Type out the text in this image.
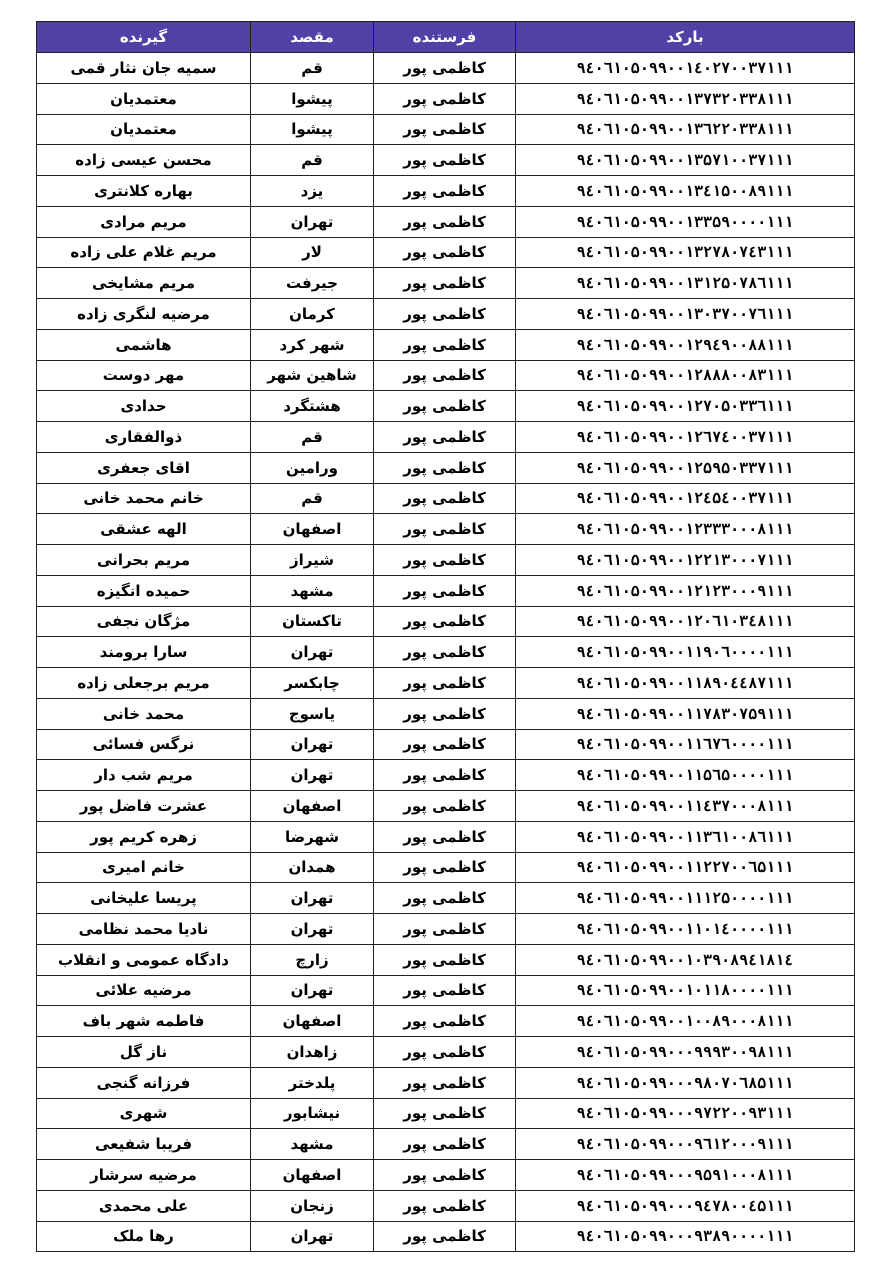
بارکد	فرستنده	مقصد	گیرنده
۹٤۰٦۱۰۵۰۹۹۰۰۱٤۰۲۷۰۰۳۷۱۱۱	کاظمی پور	قم	سمیه جان نثار قمی
۹٤۰٦۱۰۵۰۹۹۰۰۱۳۷۳۲۰۳۳۸۱۱۱	کاظمی پور	پیشوا	معتمدیان
۹٤۰٦۱۰۵۰۹۹۰۰۱۳٦۲۲۰۳۳۸۱۱۱	کاظمی پور	پیشوا	معتمدیان
۹٤۰٦۱۰۵۰۹۹۰۰۱۳۵۷۱۰۰۳۷۱۱۱	کاظمی پور	قم	محسن عیسی زاده
۹٤۰٦۱۰۵۰۹۹۰۰۱۳٤۱۵۰۰۸۹۱۱۱	کاظمی پور	یزد	بهاره کلانتری
۹٤۰٦۱۰۵۰۹۹۰۰۱۳۳۵۹۰۰۰۰۱۱۱	کاظمی پور	تهران	مریم مرادی
۹٤۰٦۱۰۵۰۹۹۰۰۱۳۲۷۸۰۷٤۳۱۱۱	کاظمی پور	لار	مریم غلام علی زاده
۹٤۰٦۱۰۵۰۹۹۰۰۱۳۱۲۵۰۷۸٦۱۱۱	کاظمی پور	جیرفت	مریم مشایخی
۹٤۰٦۱۰۵۰۹۹۰۰۱۳۰۳۷۰۰۷٦۱۱۱	کاظمی پور	کرمان	مرضیه لنگری زاده
۹٤۰٦۱۰۵۰۹۹۰۰۱۲۹٤۹۰۰۸۸۱۱۱	کاظمی پور	شهر کرد	هاشمی
۹٤۰٦۱۰۵۰۹۹۰۰۱۲۸۸۸۰۰۸۳۱۱۱	کاظمی پور	شاهین شهر	مهر دوست
۹٤۰٦۱۰۵۰۹۹۰۰۱۲۷۰۵۰۳۳٦۱۱۱	کاظمی پور	هشتگرد	حدادی
۹٤۰٦۱۰۵۰۹۹۰۰۱۲٦۷٤۰۰۳۷۱۱۱	کاظمی پور	قم	ذوالفقاری
۹٤۰٦۱۰۵۰۹۹۰۰۱۲۵۹۵۰۳۳۷۱۱۱	کاظمی پور	ورامین	اقای جعفری
۹٤۰٦۱۰۵۰۹۹۰۰۱۲٤۵٤۰۰۳۷۱۱۱	کاظمی پور	قم	خانم محمد خانی
۹٤۰٦۱۰۵۰۹۹۰۰۱۲۳۳۳۰۰۰۸۱۱۱	کاظمی پور	اصفهان	الهه عشقی
۹٤۰٦۱۰۵۰۹۹۰۰۱۲۲۱۳۰۰۰۷۱۱۱	کاظمی پور	شیراز	مریم بحرانی
۹٤۰٦۱۰۵۰۹۹۰۰۱۲۱۲۳۰۰۰۹۱۱۱	کاظمی پور	مشهد	حمیده انگیزه
۹٤۰٦۱۰۵۰۹۹۰۰۱۲۰٦۱۰۳٤۸۱۱۱	کاظمی پور	تاکستان	مژگان نجفی
۹٤۰٦۱۰۵۰۹۹۰۰۱۱۹۰٦۰۰۰۰۱۱۱	کاظمی پور	تهران	سارا برومند
۹٤۰٦۱۰۵۰۹۹۰۰۱۱۸۹۰٤٤۸۷۱۱۱	کاظمی پور	چابکسر	مریم برجعلی زاده
۹٤۰٦۱۰۵۰۹۹۰۰۱۱۷۸۳۰۷۵۹۱۱۱	کاظمی پور	یاسوج	محمد خانی
۹٤۰٦۱۰۵۰۹۹۰۰۱۱٦۷٦۰۰۰۰۱۱۱	کاظمی پور	تهران	نرگس فسائی
۹٤۰٦۱۰۵۰۹۹۰۰۱۱۵٦۵۰۰۰۰۱۱۱	کاظمی پور	تهران	مریم شب دار
۹٤۰٦۱۰۵۰۹۹۰۰۱۱٤۳۷۰۰۰۸۱۱۱	کاظمی پور	اصفهان	عشرت فاضل پور
۹٤۰٦۱۰۵۰۹۹۰۰۱۱۳٦۱۰۰۸٦۱۱۱	کاظمی پور	شهرضا	زهره کریم پور
۹٤۰٦۱۰۵۰۹۹۰۰۱۱۲۲۷۰۰٦۵۱۱۱	کاظمی پور	همدان	خانم امیری
۹٤۰٦۱۰۵۰۹۹۰۰۱۱۱۲۵۰۰۰۰۱۱۱	کاظمی پور	تهران	پریسا علیخانی
۹٤۰٦۱۰۵۰۹۹۰۰۱۱۰۱٤۰۰۰۰۱۱۱	کاظمی پور	تهران	نادیا محمد نظامی
۹٤۰٦۱۰۵۰۹۹۰۰۱۰۳۹۰۸۹٤۱۸۱٤	کاظمی پور	زارچ	دادگاه عمومی و انقلاب
۹٤۰٦۱۰۵۰۹۹۰۰۱۰۱۱۸۰۰۰۰۱۱۱	کاظمی پور	تهران	مرضیه علائی
۹٤۰٦۱۰۵۰۹۹۰۰۱۰۰۸۹۰۰۰۸۱۱۱	کاظمی پور	اصفهان	فاطمه شهر باف
۹٤۰٦۱۰۵۰۹۹۰۰۰۹۹۹۳۰۰۹۸۱۱۱	کاظمی پور	زاهدان	ناز گل
۹٤۰٦۱۰۵۰۹۹۰۰۰۹۸۰۷۰٦۸۵۱۱۱	کاظمی پور	پلدختر	فرزانه گنجی
۹٤۰٦۱۰۵۰۹۹۰۰۰۹۷۲۲۰۰۹۳۱۱۱	کاظمی پور	نیشابور	شهری
۹٤۰٦۱۰۵۰۹۹۰۰۰۹٦۱۲۰۰۰۹۱۱۱	کاظمی پور	مشهد	فریبا شفیعی
۹٤۰٦۱۰۵۰۹۹۰۰۰۹۵۹۱۰۰۰۸۱۱۱	کاظمی پور	اصفهان	مرضیه سرشار
۹٤۰٦۱۰۵۰۹۹۰۰۰۹٤۷۸۰۰٤۵۱۱۱	کاظمی پور	زنجان	علی محمدی
۹٤۰٦۱۰۵۰۹۹۰۰۰۹۳۸۹۰۰۰۰۱۱۱	کاظمی پور	تهران	رها ملک
